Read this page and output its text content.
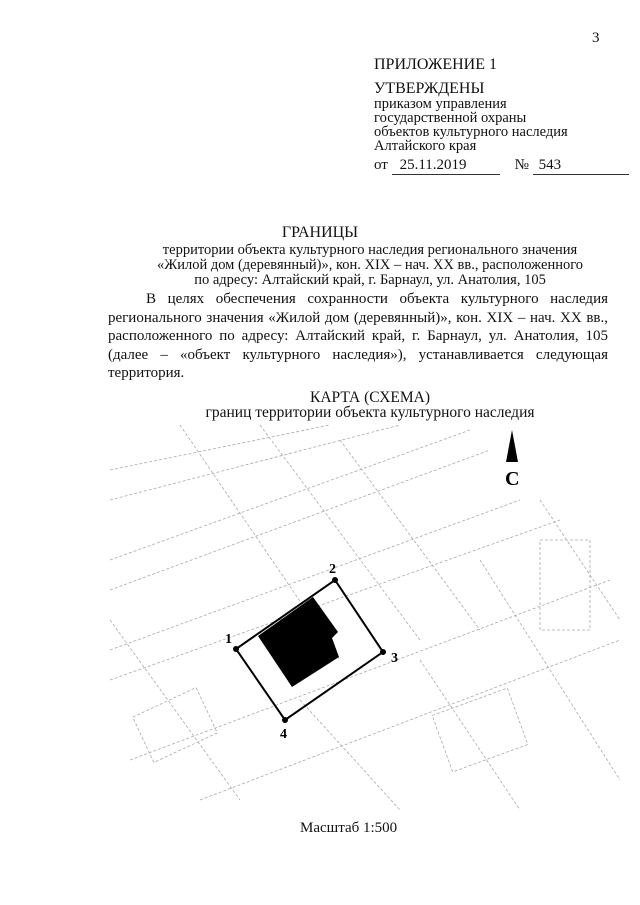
3
ПРИЛОЖЕНИЕ 1
УТВЕРЖДЕНЫ
приказом управления
государственной охраны
объектов культурного наследия
Алтайского края
от 25.11.2019	№ 543
ГРАНИЦЫ
территории объекта культурного наследия регионального значения
«Жилой дом (деревянный)», кон. XIX – нач. XX вв., расположенного
по адресу: Алтайский край, г. Барнаул, ул. Анатолия, 105
В целях обеспечения сохранности объекта культурного наследия регионального значения «Жилой дом (деревянный)», кон. XIX – нач. XX вв., расположенного по адресу: Алтайский край, г. Барнаул, ул. Анатолия, 105 (далее – «объект культурного наследия»), устанавливается следующая территория.
КАРТА (СХЕМА)
границ территории объекта культурного наследия
1
2
3
4
С
Масштаб 1:500
